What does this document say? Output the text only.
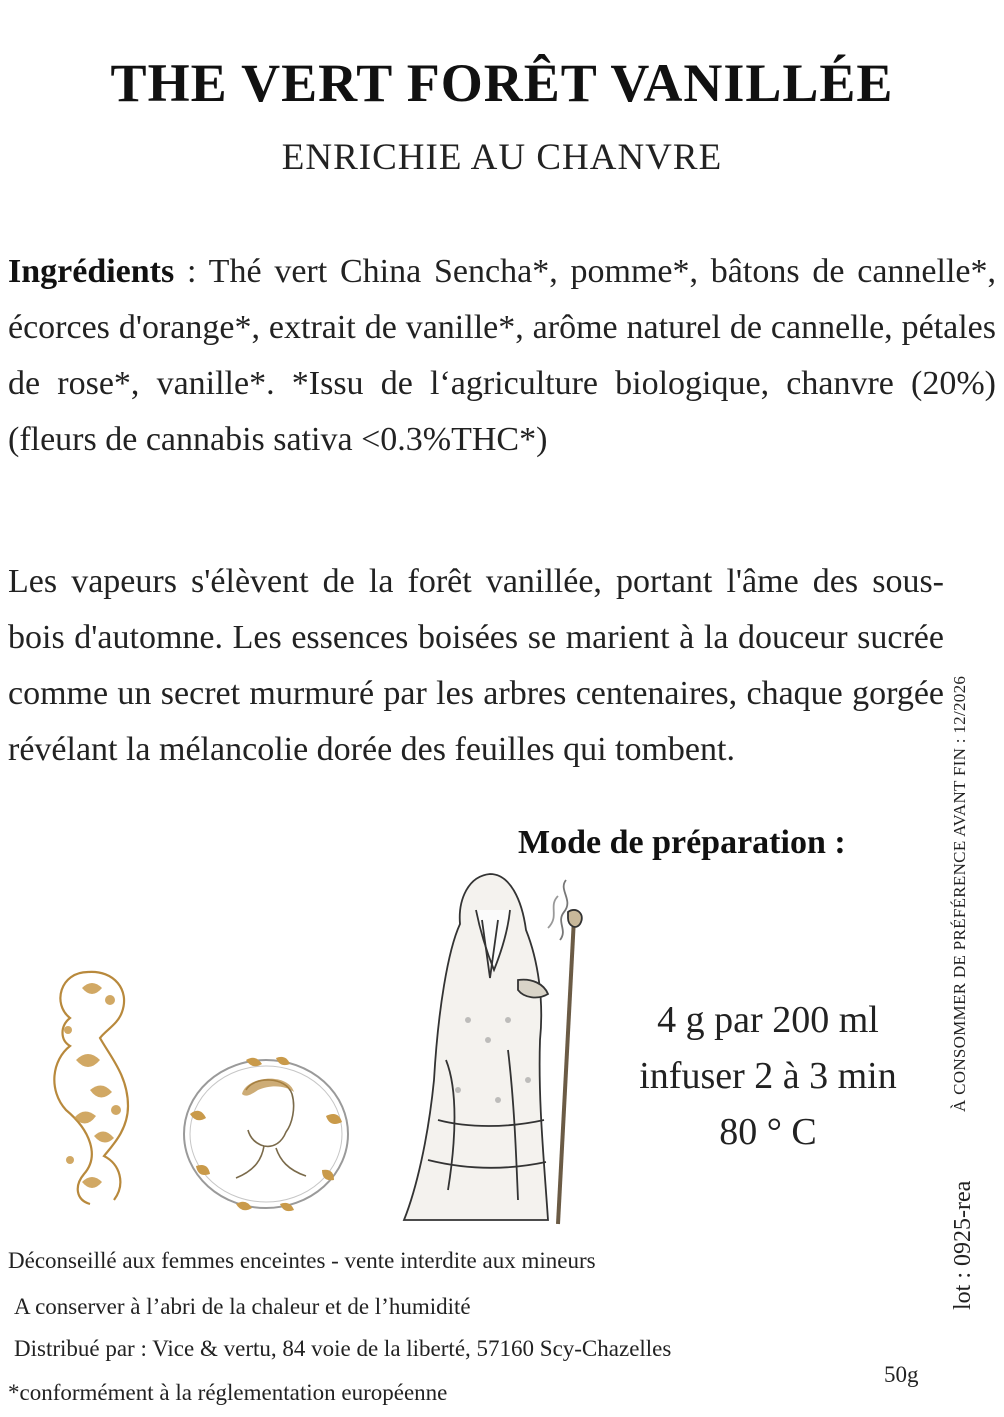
THE VERT FORÊT VANILLÉE
ENRICHIE AU CHANVRE
Ingrédients : Thé vert China Sencha*, pomme*, bâtons de cannelle*, écorces d'orange*, extrait de vanille*, arôme naturel de cannelle, pétales de rose*, vanille*. *Issu de l‘agriculture biologique, chanvre (20%)(fleurs de cannabis sativa <0.3%THC*)
Les vapeurs s'élèvent de la forêt vanillée, portant l'âme des sous-bois d'automne. Les essences boisées se marient à la douceur sucrée comme un secret murmuré par les arbres centenaires, chaque gorgée révélant la mélancolie dorée des feuilles qui tombent.
Mode de préparation :
4 g par 200 ml
infuser 2 à 3 min
80 ° C
À CONSOMMER DE PRÉFÉRENCE AVANT FIN : 12/2026
lot : 0925-rea
Déconseillé aux femmes enceintes - vente interdite aux mineurs
A conserver à l’abri de la chaleur et de l’humidité
Distribué par : Vice & vertu, 84 voie de la liberté, 57160 Scy-Chazelles
*conformément à la réglementation européenne
50g
